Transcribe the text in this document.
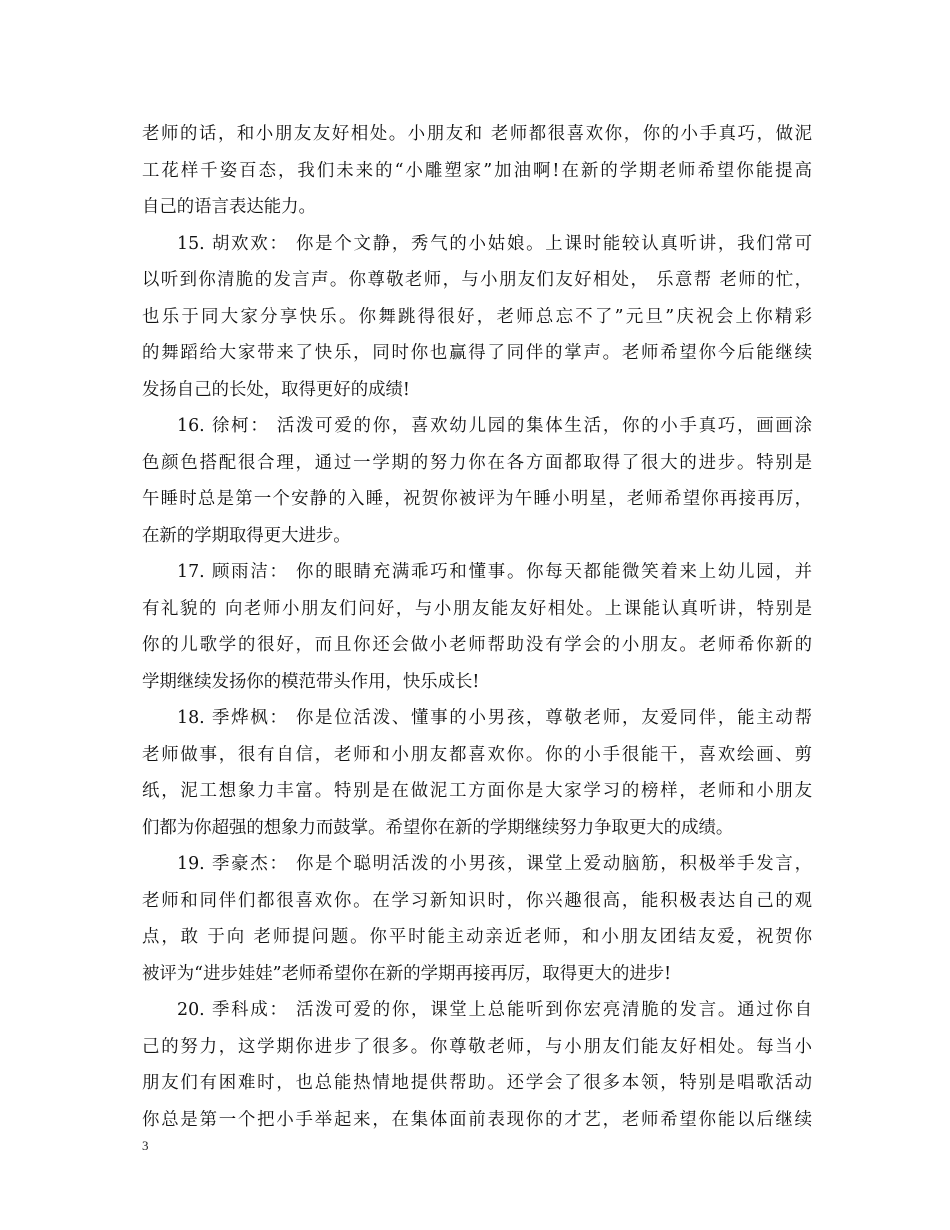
老师的话，和小朋友友好相处。小朋友和 老师都很喜欢你，你的小手真巧，做泥
工花样千姿百态，我们未来的“小雕塑家”加油啊!在新的学期老师希望你能提高
自己的语言表达能力。
15. 胡欢欢： 你是个文静，秀气的小姑娘。上课时能较认真听讲，我们常可
以听到你清脆的发言声。你尊敬老师，与小朋友们友好相处， 乐意帮 老师的忙，
也乐于同大家分享快乐。你舞跳得很好，老师总忘不了”元旦”庆祝会上你精彩
的舞蹈给大家带来了快乐，同时你也赢得了同伴的掌声。老师希望你今后能继续
发扬自己的长处，取得更好的成绩!
16. 徐柯： 活泼可爱的你，喜欢幼儿园的集体生活，你的小手真巧，画画涂
色颜色搭配很合理，通过一学期的努力你在各方面都取得了很大的进步。特别是
午睡时总是第一个安静的入睡，祝贺你被评为午睡小明星，老师希望你再接再厉，
在新的学期取得更大进步。
17. 顾雨洁： 你的眼睛充满乖巧和懂事。你每天都能微笑着来上幼儿园，并
有礼貌的 向老师小朋友们问好，与小朋友能友好相处。上课能认真听讲，特别是
你的儿歌学的很好，而且你还会做小老师帮助没有学会的小朋友。老师希你新的
学期继续发扬你的模范带头作用，快乐成长!
18. 季烨枫： 你是位活泼、懂事的小男孩，尊敬老师，友爱同伴，能主动帮
老师做事，很有自信，老师和小朋友都喜欢你。你的小手很能干，喜欢绘画、剪
纸，泥工想象力丰富。特别是在做泥工方面你是大家学习的榜样，老师和小朋友
们都为你超强的想象力而鼓掌。希望你在新的学期继续努力争取更大的成绩。
19. 季豪杰： 你是个聪明活泼的小男孩，课堂上爱动脑筋，积极举手发言，
老师和同伴们都很喜欢你。在学习新知识时，你兴趣很高，能积极表达自己的观
点，敢 于向 老师提问题。你平时能主动亲近老师，和小朋友团结友爱，祝贺你
被评为“进步娃娃”老师希望你在新的学期再接再厉，取得更大的进步!
20. 季科成： 活泼可爱的你，课堂上总能听到你宏亮清脆的发言。通过你自
己的努力，这学期你进步了很多。你尊敬老师，与小朋友们能友好相处。每当小
朋友们有困难时，也总能热情地提供帮助。还学会了很多本领，特别是唱歌活动
你总是第一个把小手举起来，在集体面前表现你的才艺，老师希望你能以后继续
3
